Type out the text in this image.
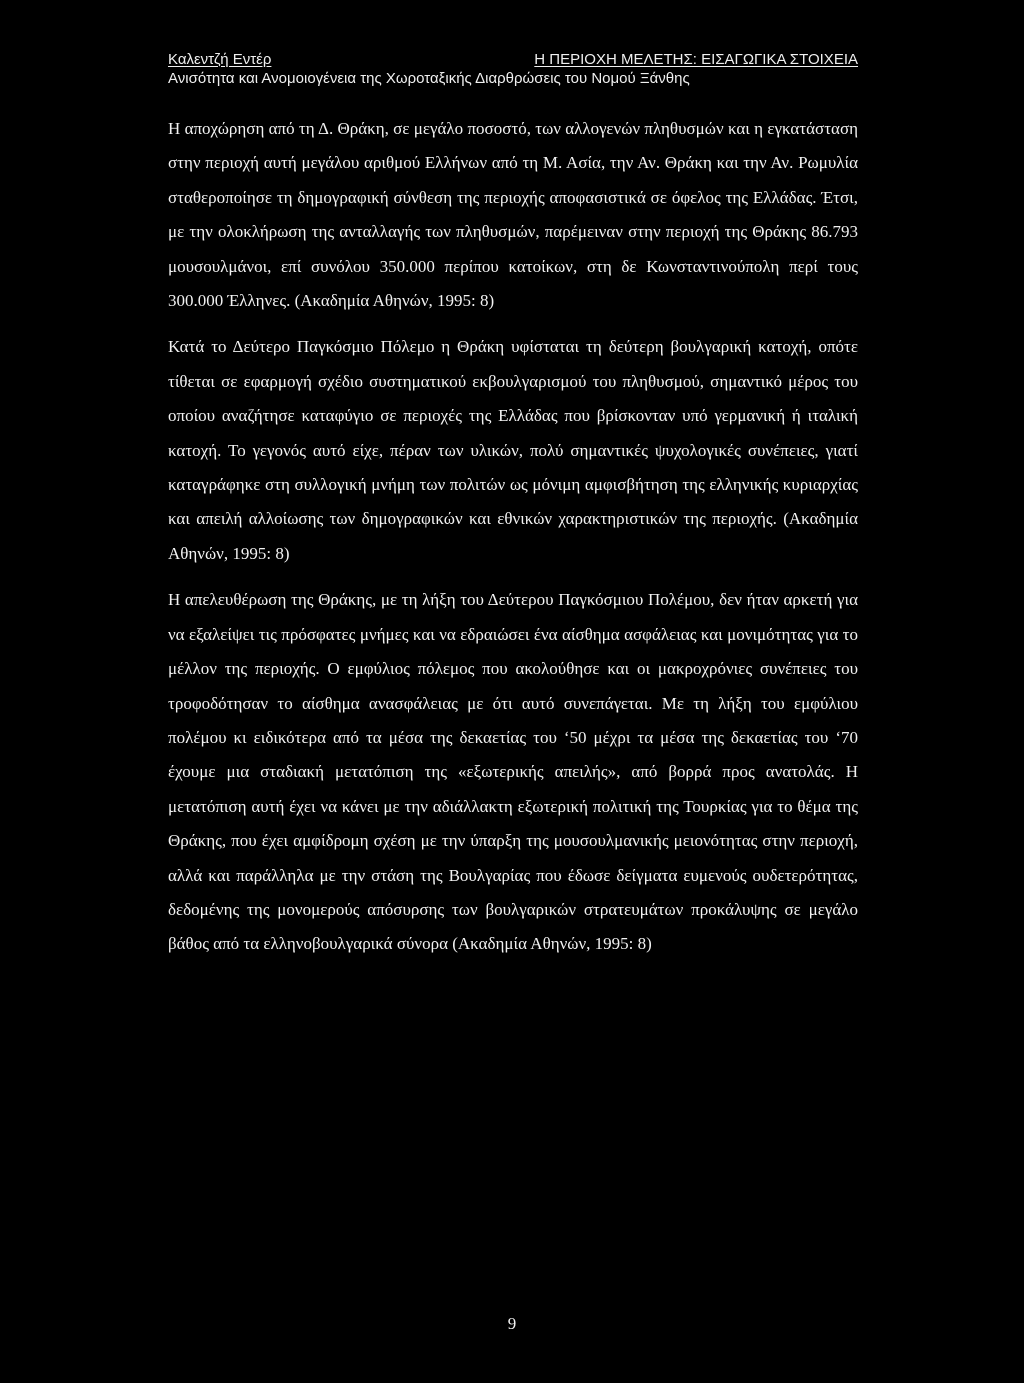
Καλεντζή Εντέρ	Η ΠΕΡΙΟΧΗ ΜΕΛΕΤΗΣ: ΕΙΣΑΓΩΓΙΚΑ ΣΤΟΙΧΕΙΑ
Ανισότητα και Ανομοιογένεια της Χωροταξικής Διαρθρώσεις του Νομού Ξάνθης

Η αποχώρηση από τη Δ. Θράκη, σε μεγάλο ποσοστό, των αλλογενών πληθυσμών και η εγκατάσταση στην περιοχή αυτή μεγάλου αριθμού Ελλήνων από τη Μ. Ασία, την Αν. Θράκη και την Αν. Ρωμυλία σταθεροποίησε τη δημογραφική σύνθεση της περιοχής αποφασιστικά σε όφελος της Ελλάδας. Έτσι, με την ολοκλήρωση της ανταλλαγής των πληθυσμών, παρέμειναν στην περιοχή της Θράκης 86.793 μουσουλμάνοι, επί συνόλου 350.000 περίπου κατοίκων, στη δε Κωνσταντινούπολη περί τους 300.000 Έλληνες. (Ακαδημία Αθηνών, 1995: 8)

Κατά το Δεύτερο Παγκόσμιο Πόλεμο η Θράκη υφίσταται τη δεύτερη βουλγαρική κατοχή, οπότε τίθεται σε εφαρμογή σχέδιο συστηματικού εκβουλγαρισμού του πληθυσμού, σημαντικό μέρος του οποίου αναζήτησε καταφύγιο σε περιοχές της Ελλάδας που βρίσκονταν υπό γερμανική ή ιταλική κατοχή. Το γεγονός αυτό είχε, πέραν των υλικών, πολύ σημαντικές ψυχολογικές συνέπειες, γιατί καταγράφηκε στη συλλογική μνήμη των πολιτών ως μόνιμη αμφισβήτηση της ελληνικής κυριαρχίας και απειλή αλλοίωσης των δημογραφικών και εθνικών χαρακτηριστικών της περιοχής. (Ακαδημία Αθηνών, 1995: 8)

Η απελευθέρωση της Θράκης, με τη λήξη του Δεύτερου Παγκόσμιου Πολέμου, δεν ήταν αρκετή για να εξαλείψει τις πρόσφατες μνήμες και να εδραιώσει ένα αίσθημα ασφάλειας και μονιμότητας για το μέλλον της περιοχής. Ο εμφύλιος πόλεμος που ακολούθησε και οι μακροχρόνιες συνέπειες του τροφοδότησαν το αίσθημα ανασφάλειας με ότι αυτό συνεπάγεται. Με τη λήξη του εμφύλιου πολέμου κι ειδικότερα από τα μέσα της δεκαετίας του ‘50 μέχρι τα μέσα της δεκαετίας του ‘70 έχουμε μια σταδιακή μετατόπιση της «εξωτερικής απειλής», από βορρά προς ανατολάς. Η μετατόπιση αυτή έχει να κάνει με την αδιάλλακτη εξωτερική πολιτική της Τουρκίας για το θέμα της Θράκης, που έχει αμφίδρομη σχέση με την ύπαρξη της μουσουλμανικής μειονότητας στην περιοχή, αλλά και παράλληλα με την στάση της Βουλγαρίας που έδωσε δείγματα ευμενούς ουδετερότητας, δεδομένης της μονομερούς απόσυρσης των βουλγαρικών στρατευμάτων προκάλυψης σε μεγάλο βάθος από τα ελληνοβουλγαρικά σύνορα (Ακαδημία Αθηνών, 1995: 8)

9
